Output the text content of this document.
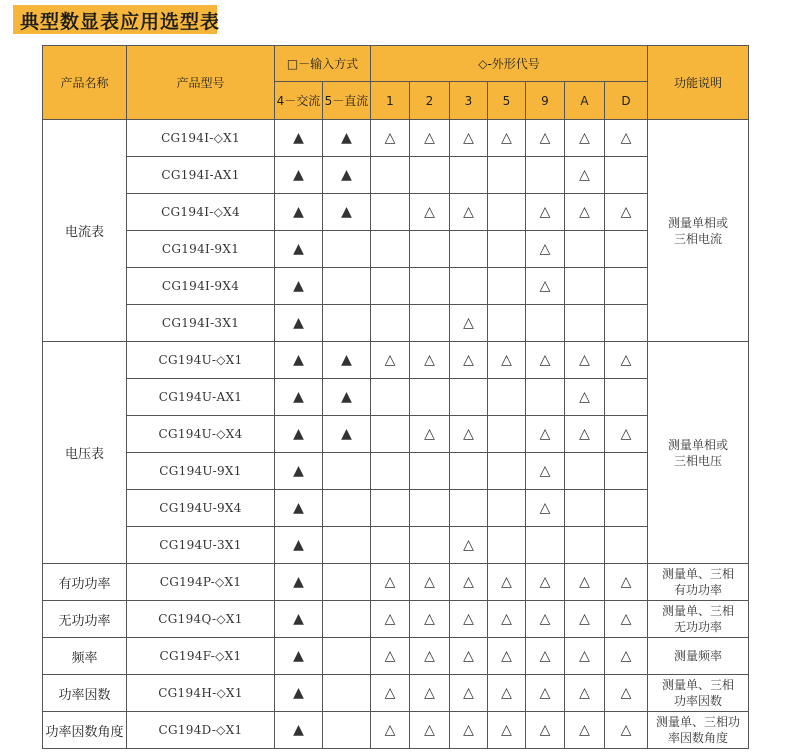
典型数显表应用选型表
产品名称	产品型号	□－输入方式		◇-外形代号							功能说明
		4－交流	5－直流	1	2	3	5	9	A	D	
电流表	CG194I-◇X1	▲	▲	△	△	△	△	△	△	△	测量单相或
三相电流

	CG194I-AX1	▲	▲						△		
	CG194I-◇X4	▲	▲		△	△		△	△	△	
	CG194I-9X1	▲						△			
	CG194I-9X4	▲						△			
	CG194I-3X1	▲				△					
电压表	CG194U-◇X1	▲	▲	△	△	△	△	△	△	△	测量单相或
三相电压

	CG194U-AX1	▲	▲						△		
	CG194U-◇X4	▲	▲		△	△		△	△	△	
	CG194U-9X1	▲						△			
	CG194U-9X4	▲						△			
	CG194U-3X1	▲				△					
有功功率	CG194P-◇X1	▲		△	△	△	△	△	△	△	测量单、三相
有功功率

无功功率	CG194Q-◇X1	▲		△	△	△	△	△	△	△	测量单、三相
无功功率

频率	CG194F-◇X1	▲		△	△	△	△	△	△	△	测量频率

功率因数	CG194H-◇X1	▲		△	△	△	△	△	△	△	测量单、三相
功率因数

功率因数角度	CG194D-◇X1	▲		△	△	△	△	△	△	△	测量单、三相功
率因数角度
